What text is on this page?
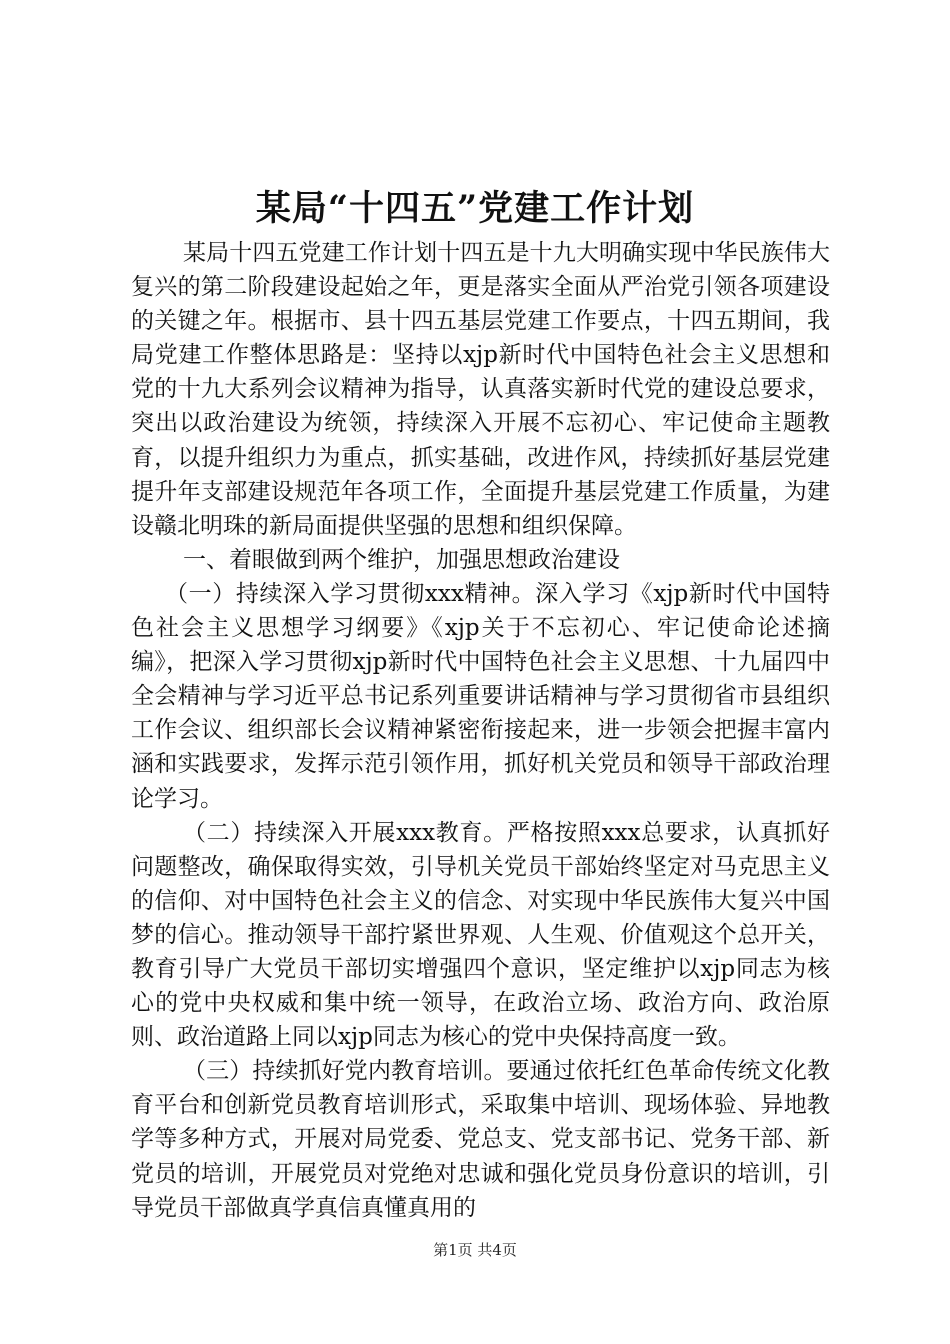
某局“十四五”党建工作计划

某局十四五党建工作计划十四五是十九大明确实现中华民族伟大复兴的第二阶段建设起始之年，更是落实全面从严治党引领各项建设的关键之年。根据市、县十四五基层党建工作要点，十四五期间，我局党建工作整体思路是：坚持以xjp新时代中国特色社会主义思想和党的十九大系列会议精神为指导，认真落实新时代党的建设总要求，突出以政治建设为统领，持续深入开展不忘初心、牢记使命主题教育，以提升组织力为重点，抓实基础，改进作风，持续抓好基层党建提升年支部建设规范年各项工作，全面提升基层党建工作质量，为建设赣北明珠的新局面提供坚强的思想和组织保障。

一、着眼做到两个维护，加强思想政治建设

（一）持续深入学习贯彻xxx精神。深入学习《xjp新时代中国特色社会主义思想学习纲要》《xjp关于不忘初心、牢记使命论述摘编》，把深入学习贯彻xjp新时代中国特色社会主义思想、十九届四中全会精神与学习近平总书记系列重要讲话精神与学习贯彻省市县组织工作会议、组织部长会议精神紧密衔接起来，进一步领会把握丰富内涵和实践要求，发挥示范引领作用，抓好机关党员和领导干部政治理论学习。

（二）持续深入开展xxx教育。严格按照xxx总要求，认真抓好问题整改，确保取得实效，引导机关党员干部始终坚定对马克思主义的信仰、对中国特色社会主义的信念、对实现中华民族伟大复兴中国梦的信心。推动领导干部拧紧世界观、人生观、价值观这个总开关，教育引导广大党员干部切实增强四个意识，坚定维护以xjp同志为核心的党中央权威和集中统一领导，在政治立场、政治方向、政治原则、政治道路上同以xjp同志为核心的党中央保持高度一致。

（三）持续抓好党内教育培训。要通过依托红色革命传统文化教育平台和创新党员教育培训形式，采取集中培训、现场体验、异地教学等多种方式，开展对局党委、党总支、党支部书记、党务干部、新党员的培训，开展党员对党绝对忠诚和强化党员身份意识的培训，引导党员干部做真学真信真懂真用的

第1页 共4页
